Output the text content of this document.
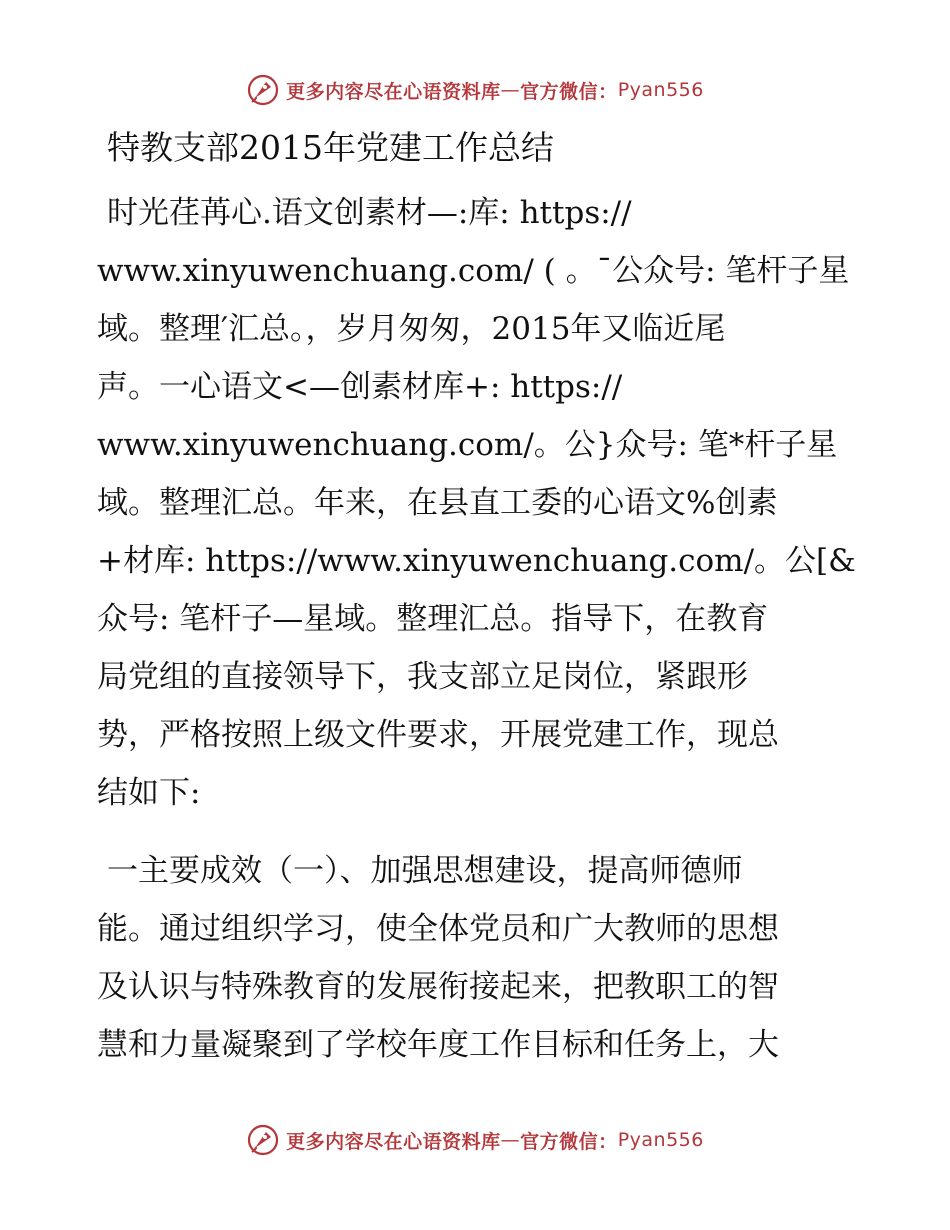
更多内容尽在心语资料库 — 官方微信： Pyan556
特教支部2015年党建工作总结
时光荏苒心.语文创素材—:库: https://
www.xinyuwenchuang.com/ ( 。¯公众号: 笔杆子星
域。整理′汇总。，岁月匆匆，2015年又临近尾
声。一心语文<—创素材库+: https://
www.xinyuwenchuang.com/。公}众号: 笔*杆子星
域。整理汇总。年来，在县直工委的心语文%创素
+材库: https://www.xinyuwenchuang.com/。公[&
众号: 笔杆子—星域。整理汇总。指导下，在教育
局党组的直接领导下，我支部立足岗位，紧跟形
势，严格按照上级文件要求，开展党建工作，现总
结如下:
一主要成效（一）、加强思想建设，提高师德师
能。通过组织学习，使全体党员和广大教师的思想
及认识与特殊教育的发展衔接起来，把教职工的智
慧和力量凝聚到了学校年度工作目标和任务上，大
更多内容尽在心语资料库 — 官方微信： Pyan556
